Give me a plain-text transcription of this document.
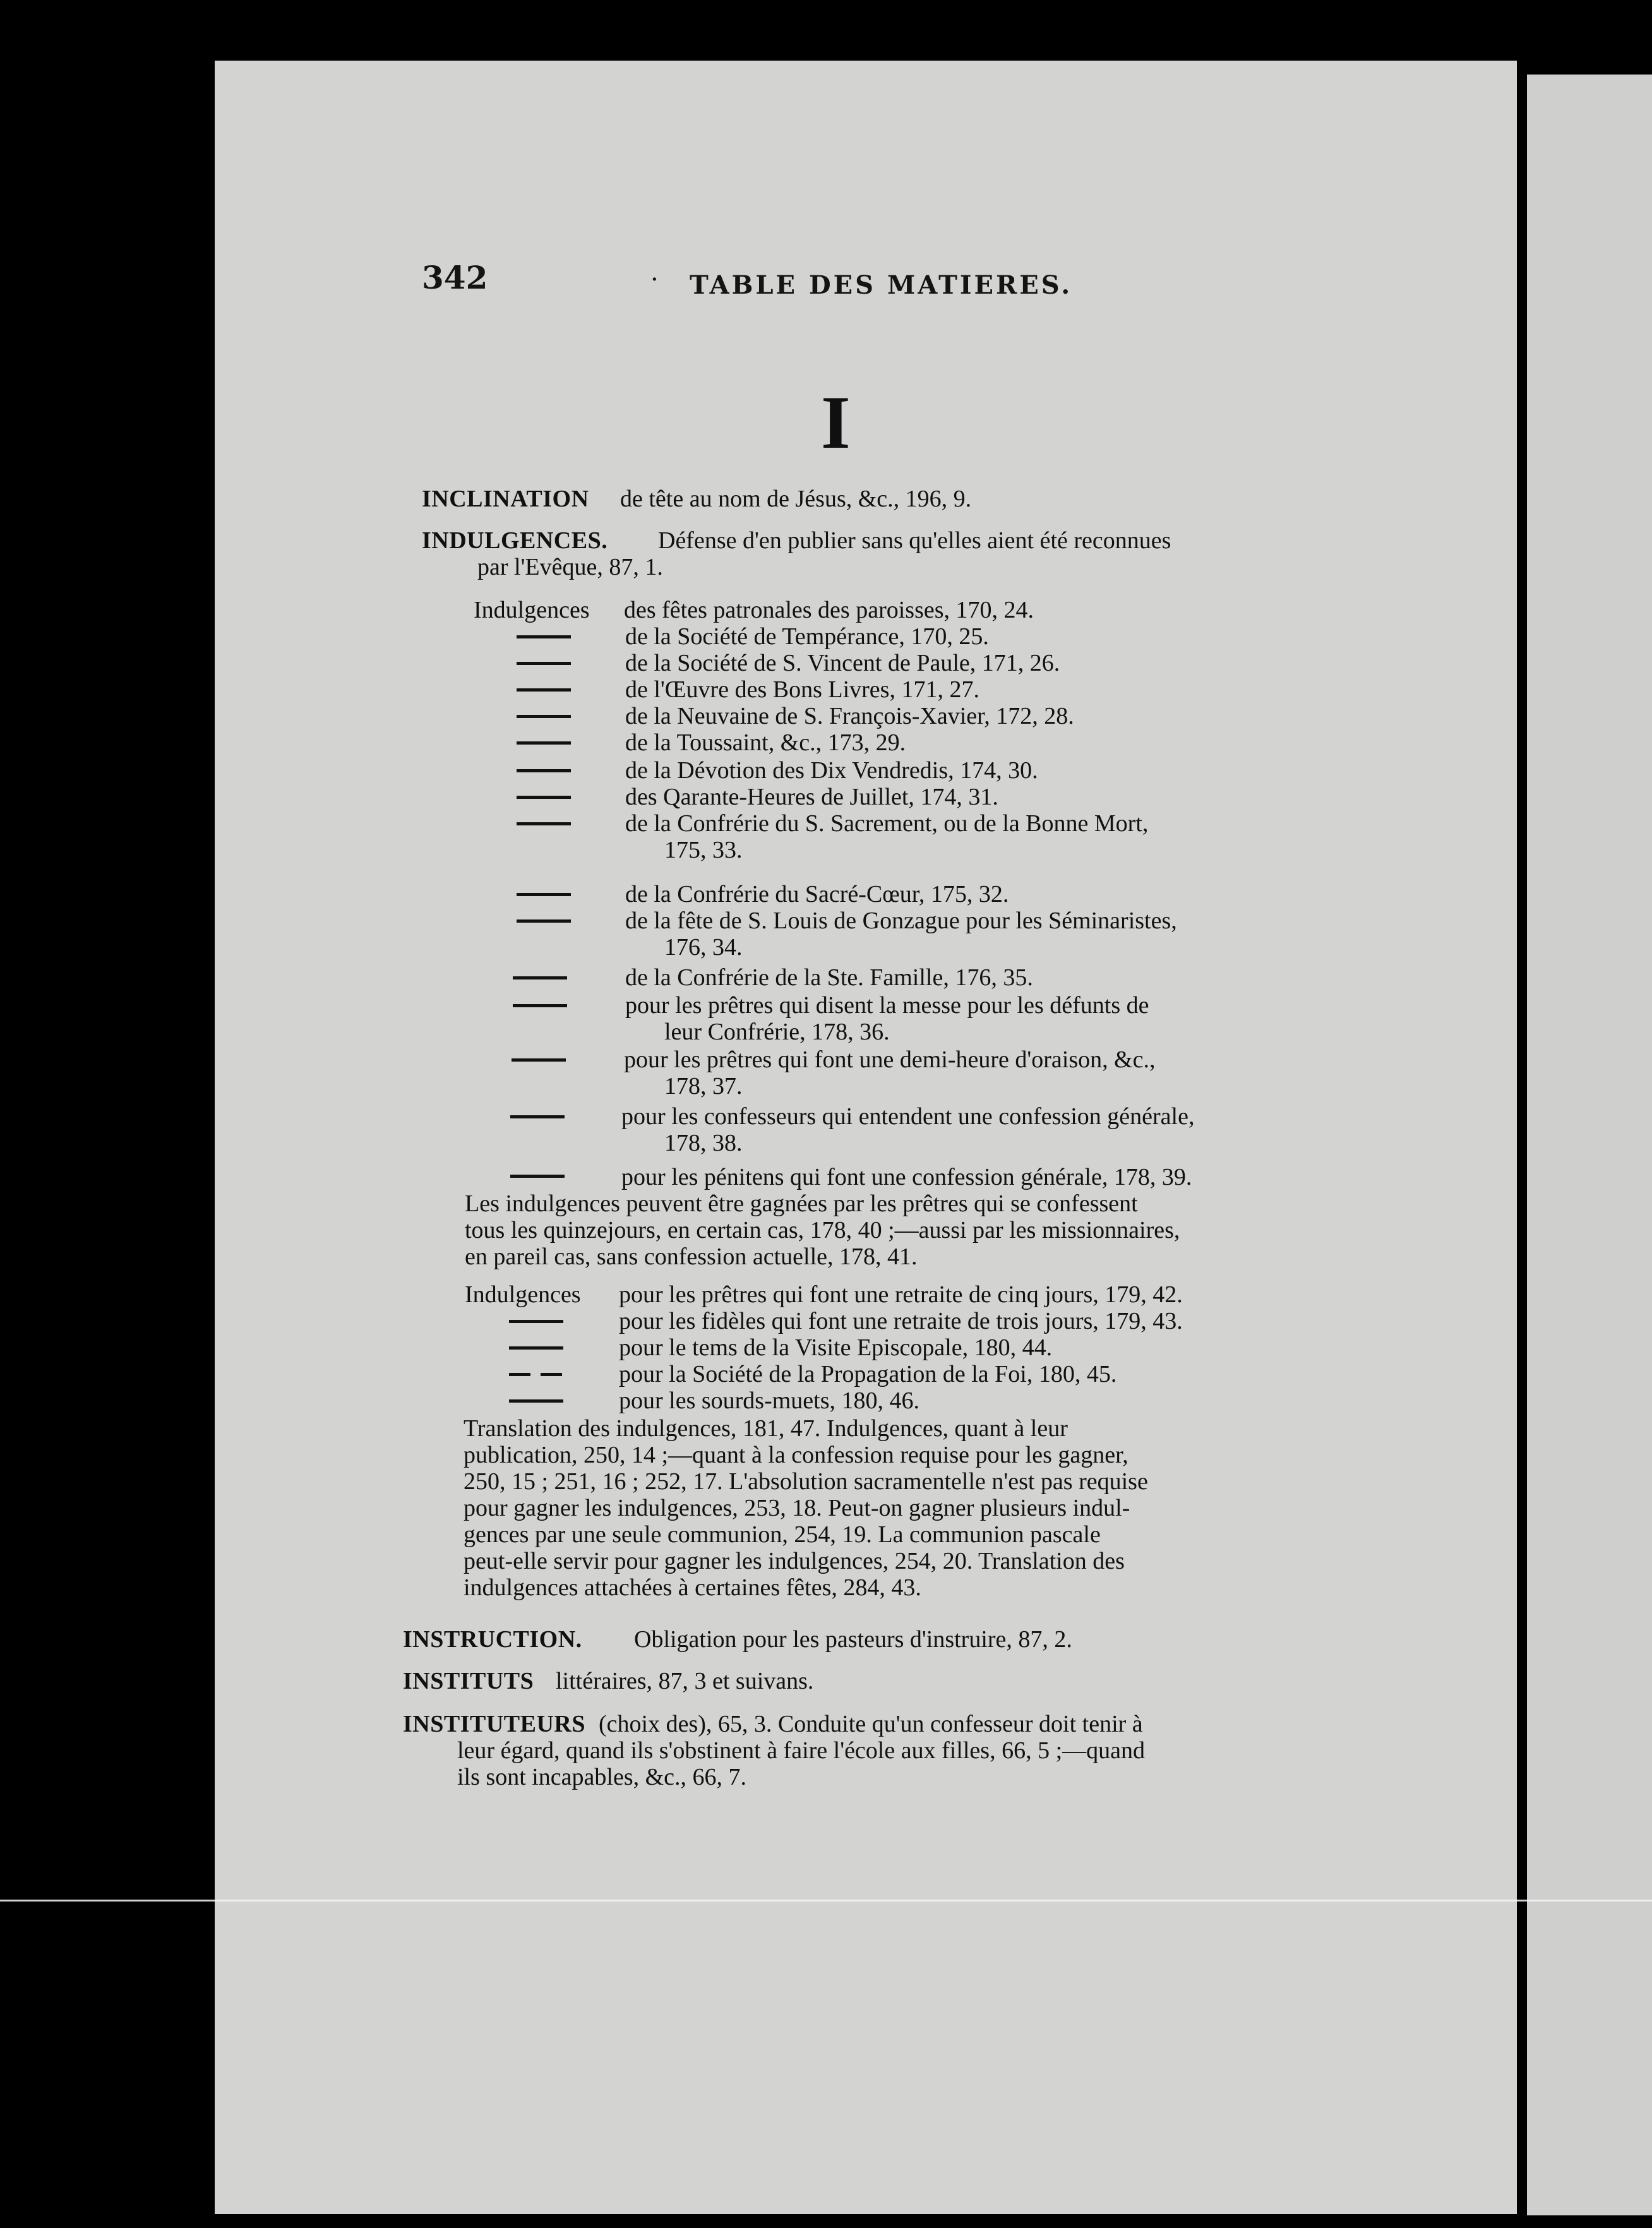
342	· TABLE DES MATIERES.
I
INCLINATION de tête au nom de Jésus, &c., 196, 9.
INDULGENCES. Défense d'en publier sans qu'elles aient été reconnues
par l'Evêque, 87, 1.
Indulgences des fêtes patronales des paroisses, 170, 24.
de la Société de Tempérance, 170, 25.
de la Société de S. Vincent de Paule, 171, 26.
de l'Œuvre des Bons Livres, 171, 27.
de la Neuvaine de S. François-Xavier, 172, 28.
de la Toussaint, &c., 173, 29.
de la Dévotion des Dix Vendredis, 174, 30.
des Qarante-Heures de Juillet, 174, 31.
de la Confrérie du S. Sacrement, ou de la Bonne Mort,
175, 33.
de la Confrérie du Sacré-Cœur, 175, 32.
de la fête de S. Louis de Gonzague pour les Séminaristes,
176, 34.
de la Confrérie de la Ste. Famille, 176, 35.
pour les prêtres qui disent la messe pour les défunts de
leur Confrérie, 178, 36.
pour les prêtres qui font une demi-heure d'oraison, &c.,
178, 37.
pour les confesseurs qui entendent une confession générale,
178, 38.
pour les pénitens qui font une confession générale, 178, 39.
Les indulgences peuvent être gagnées par les prêtres qui se confessent
tous les quinzejours, en certain cas, 178, 40 ;—aussi par les missionnaires,
en pareil cas, sans confession actuelle, 178, 41.
Indulgences pour les prêtres qui font une retraite de cinq jours, 179, 42.
pour les fidèles qui font une retraite de trois jours, 179, 43.
pour le tems de la Visite Episcopale, 180, 44.
pour la Société de la Propagation de la Foi, 180, 45.
pour les sourds-muets, 180, 46.
Translation des indulgences, 181, 47. Indulgences, quant à leur
publication, 250, 14 ;—quant à la confession requise pour les gagner,
250, 15 ; 251, 16 ; 252, 17. L'absolution sacramentelle n'est pas requise
pour gagner les indulgences, 253, 18. Peut-on gagner plusieurs indul-
gences par une seule communion, 254, 19. La communion pascale
peut-elle servir pour gagner les indulgences, 254, 20. Translation des
indulgences attachées à certaines fêtes, 284, 43.
INSTRUCTION. Obligation pour les pasteurs d'instruire, 87, 2.
INSTITUTS littéraires, 87, 3 et suivans.
INSTITUTEURS (choix des), 65, 3. Conduite qu'un confesseur doit tenir à
leur égard, quand ils s'obstinent à faire l'école aux filles, 66, 5 ;—quand
ils sont incapables, &c., 66, 7.
